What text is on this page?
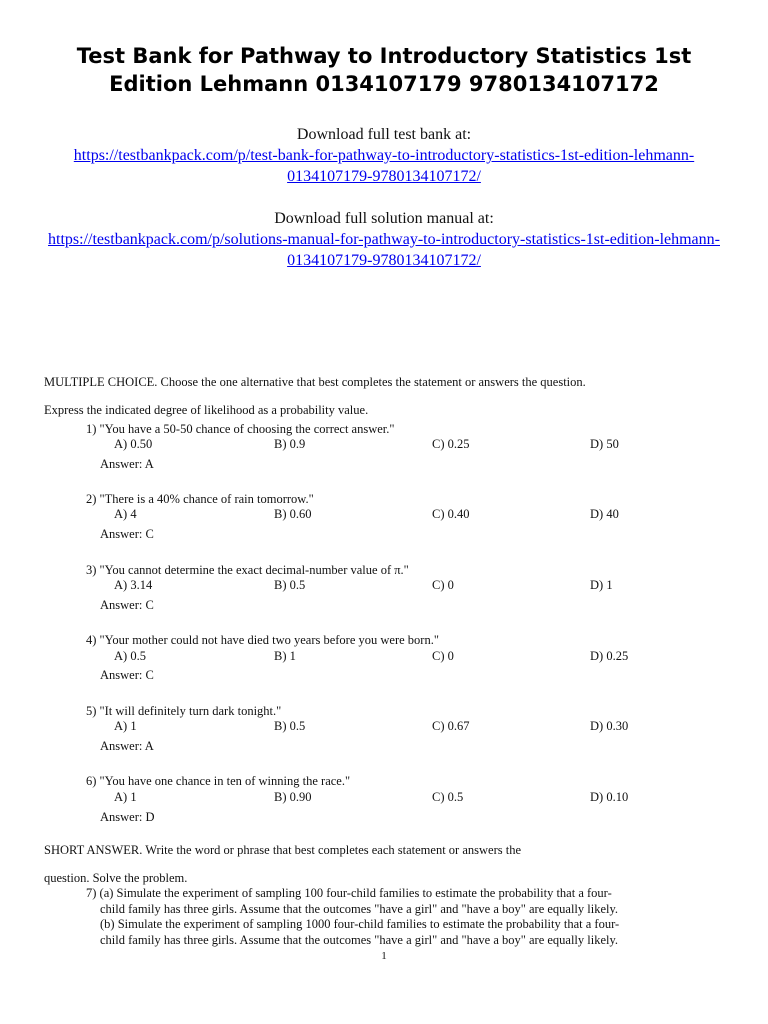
Test Bank for Pathway to Introductory Statistics 1st Edition Lehmann 0134107179 9780134107172
Download full test bank at:
https://testbankpack.com/p/test-bank-for-pathway-to-introductory-statistics-1st-edition-lehmann-0134107179-9780134107172/
Download full solution manual at:
https://testbankpack.com/p/solutions-manual-for-pathway-to-introductory-statistics-1st-edition-lehmann-0134107179-9780134107172/
MULTIPLE CHOICE. Choose the one alternative that best completes the statement or answers the question.
Express the indicated degree of likelihood as a probability value.
1) "You have a 50-50 chance of choosing the correct answer."
A) 0.50	B) 0.9	C) 0.25	D) 50
Answer: A
2) "There is a 40% chance of rain tomorrow."
A) 4	B) 0.60	C) 0.40	D) 40
Answer: C
3) "You cannot determine the exact decimal-number value of π."
A) 3.14	B) 0.5	C) 0	D) 1
Answer: C
4) "Your mother could not have died two years before you were born."
A) 0.5	B) 1	C) 0	D) 0.25
Answer: C
5) "It will definitely turn dark tonight."
A) 1	B) 0.5	C) 0.67	D) 0.30
Answer: A
6) "You have one chance in ten of winning the race."
A) 1	B) 0.90	C) 0.5	D) 0.10
Answer: D
SHORT ANSWER. Write the word or phrase that best completes each statement or answers the
question. Solve the problem.
7) (a) Simulate the experiment of sampling 100 four-child families to estimate the probability that a four-
child family has three girls. Assume that the outcomes "have a girl" and "have a boy" are equally likely.
(b) Simulate the experiment of sampling 1000 four-child families to estimate the probability that a four-
child family has three girls. Assume that the outcomes "have a girl" and "have a boy" are equally likely.
1
